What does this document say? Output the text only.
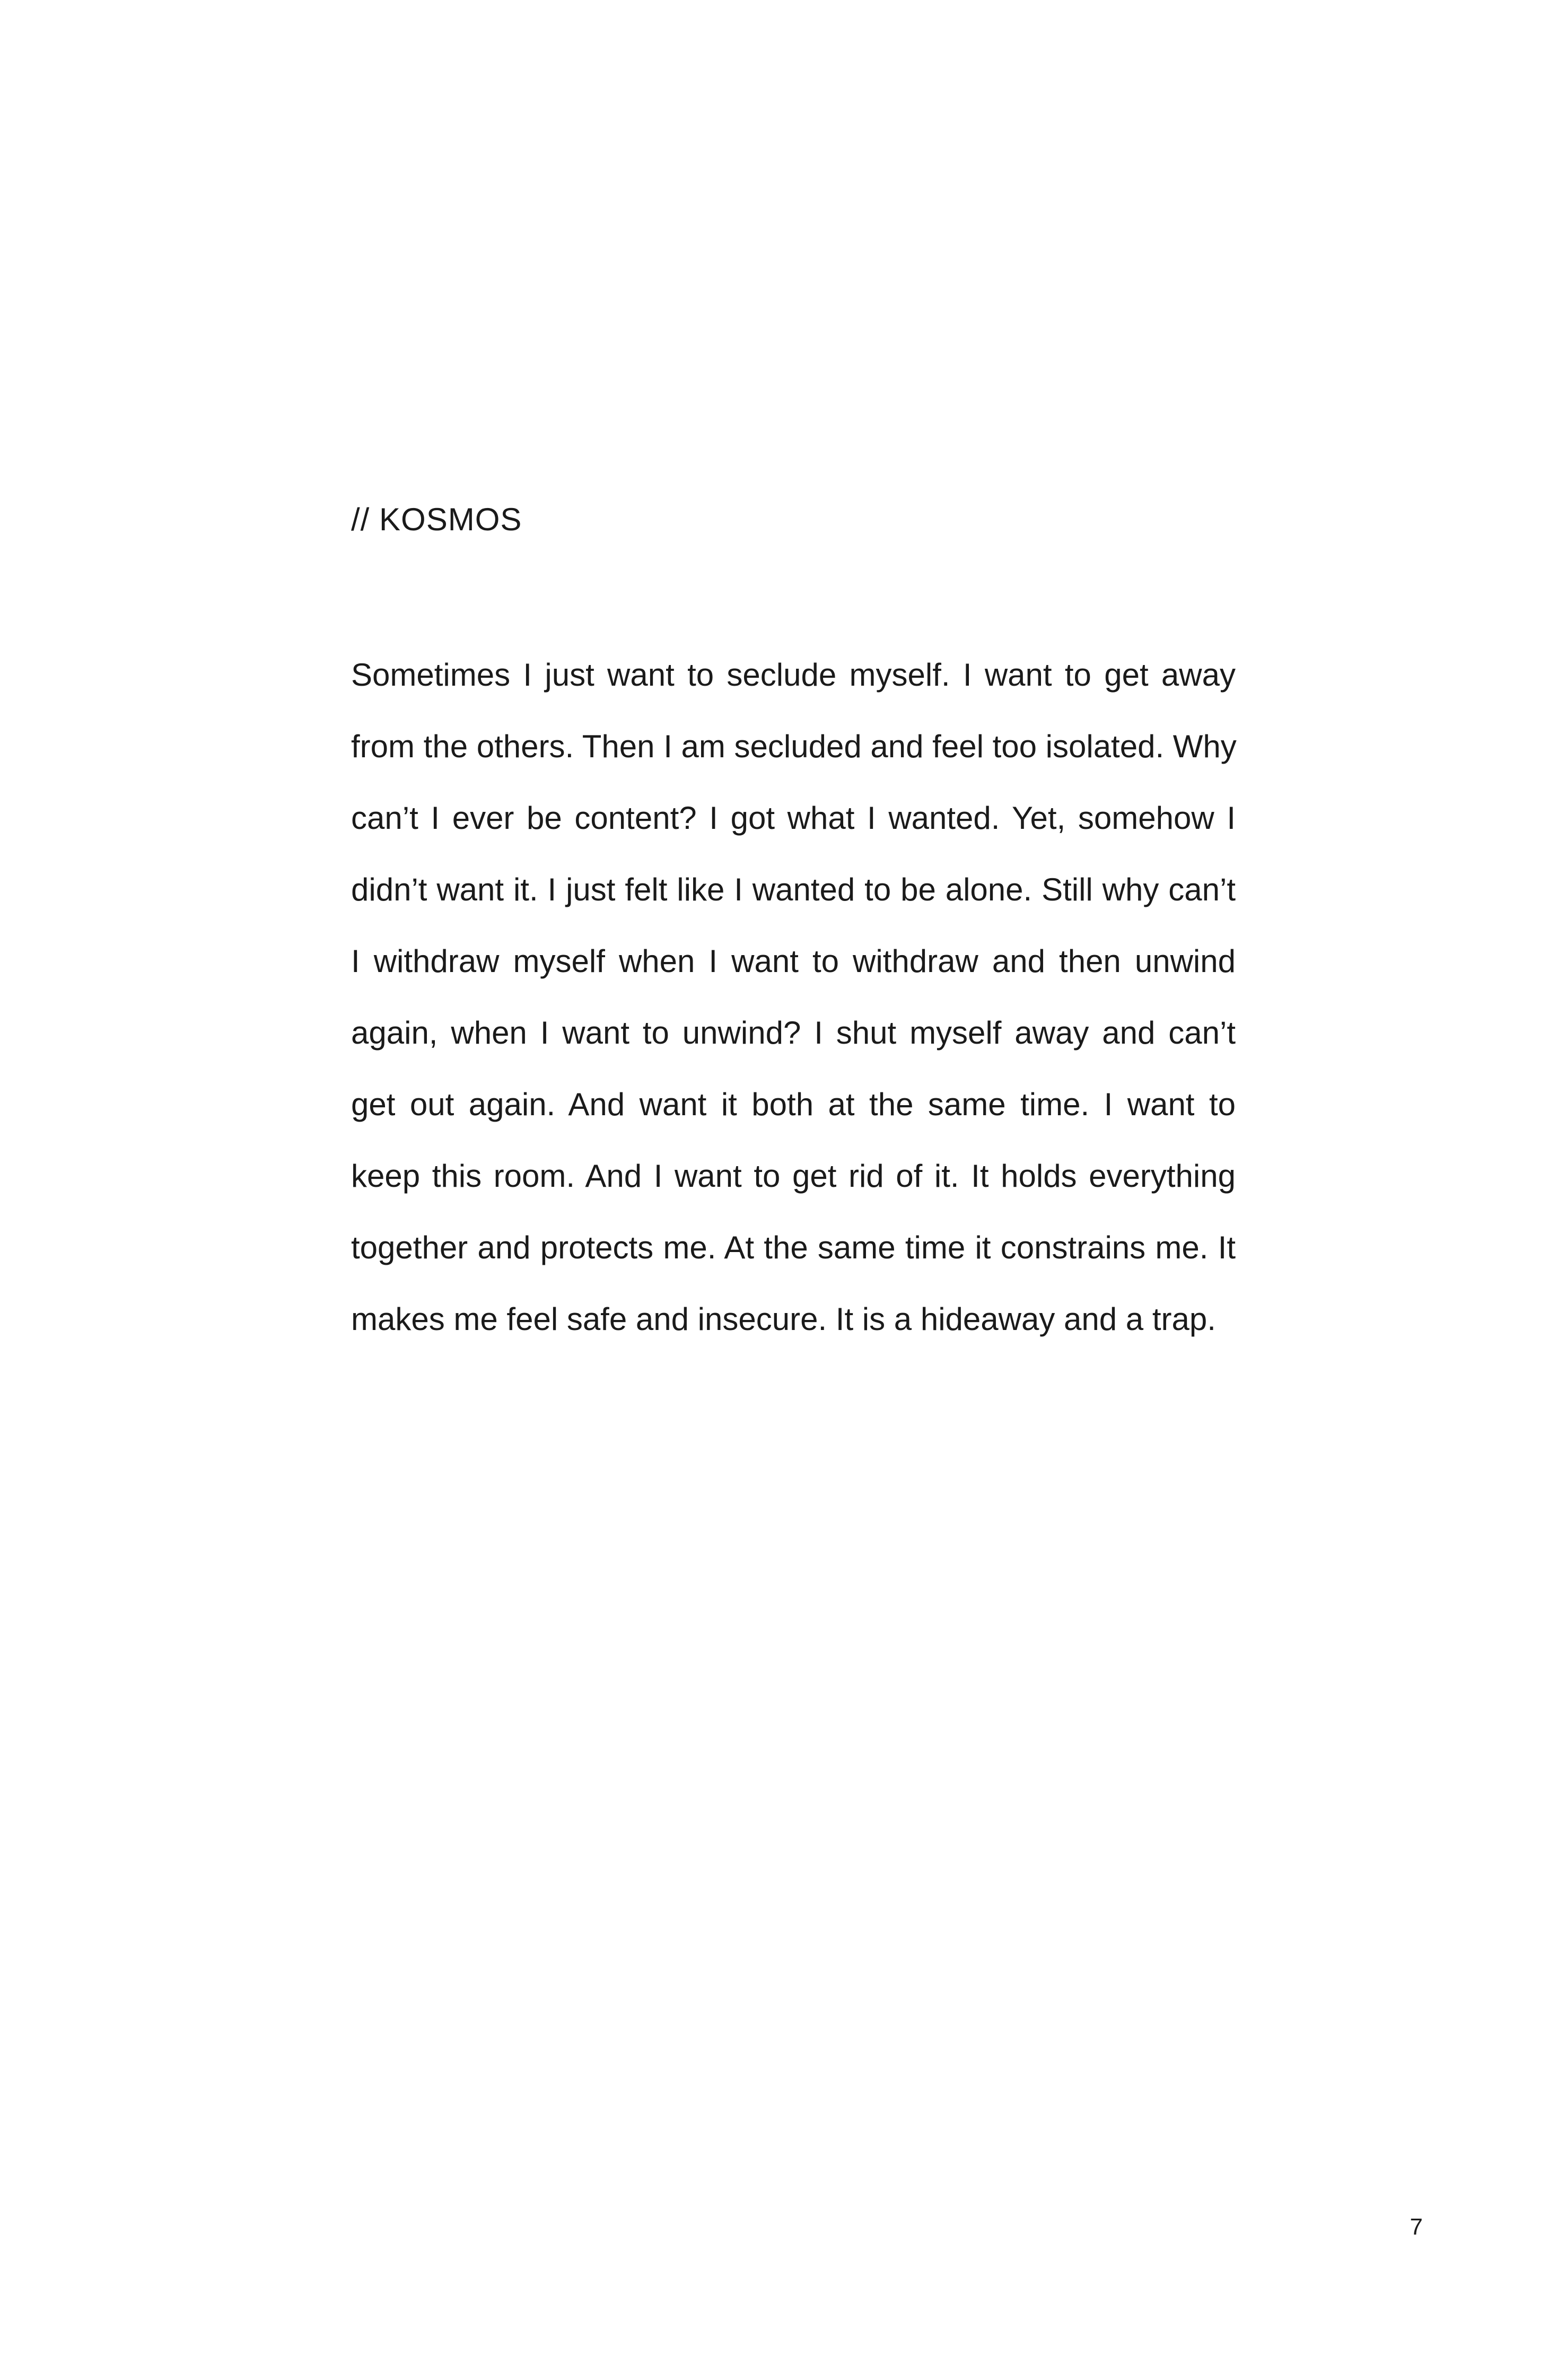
// KOSMOS
Sometimes I just want to seclude myself. I want to get away
from the others. Then I am secluded and feel too isolated. Why
can’t I ever be content? I got what I wanted. Yet, somehow I
didn’t want it. I just felt like I wanted to be alone. Still why can’t
I withdraw myself when I want to withdraw and then unwind
again, when I want to unwind? I shut myself away and can’t
get out again. And want it both at the same time. I want to
keep this room. And I want to get rid of it. It holds everything
together and protects me. At the same time it constrains me. It
makes me feel safe and insecure. It is a hideaway and a trap.
7
